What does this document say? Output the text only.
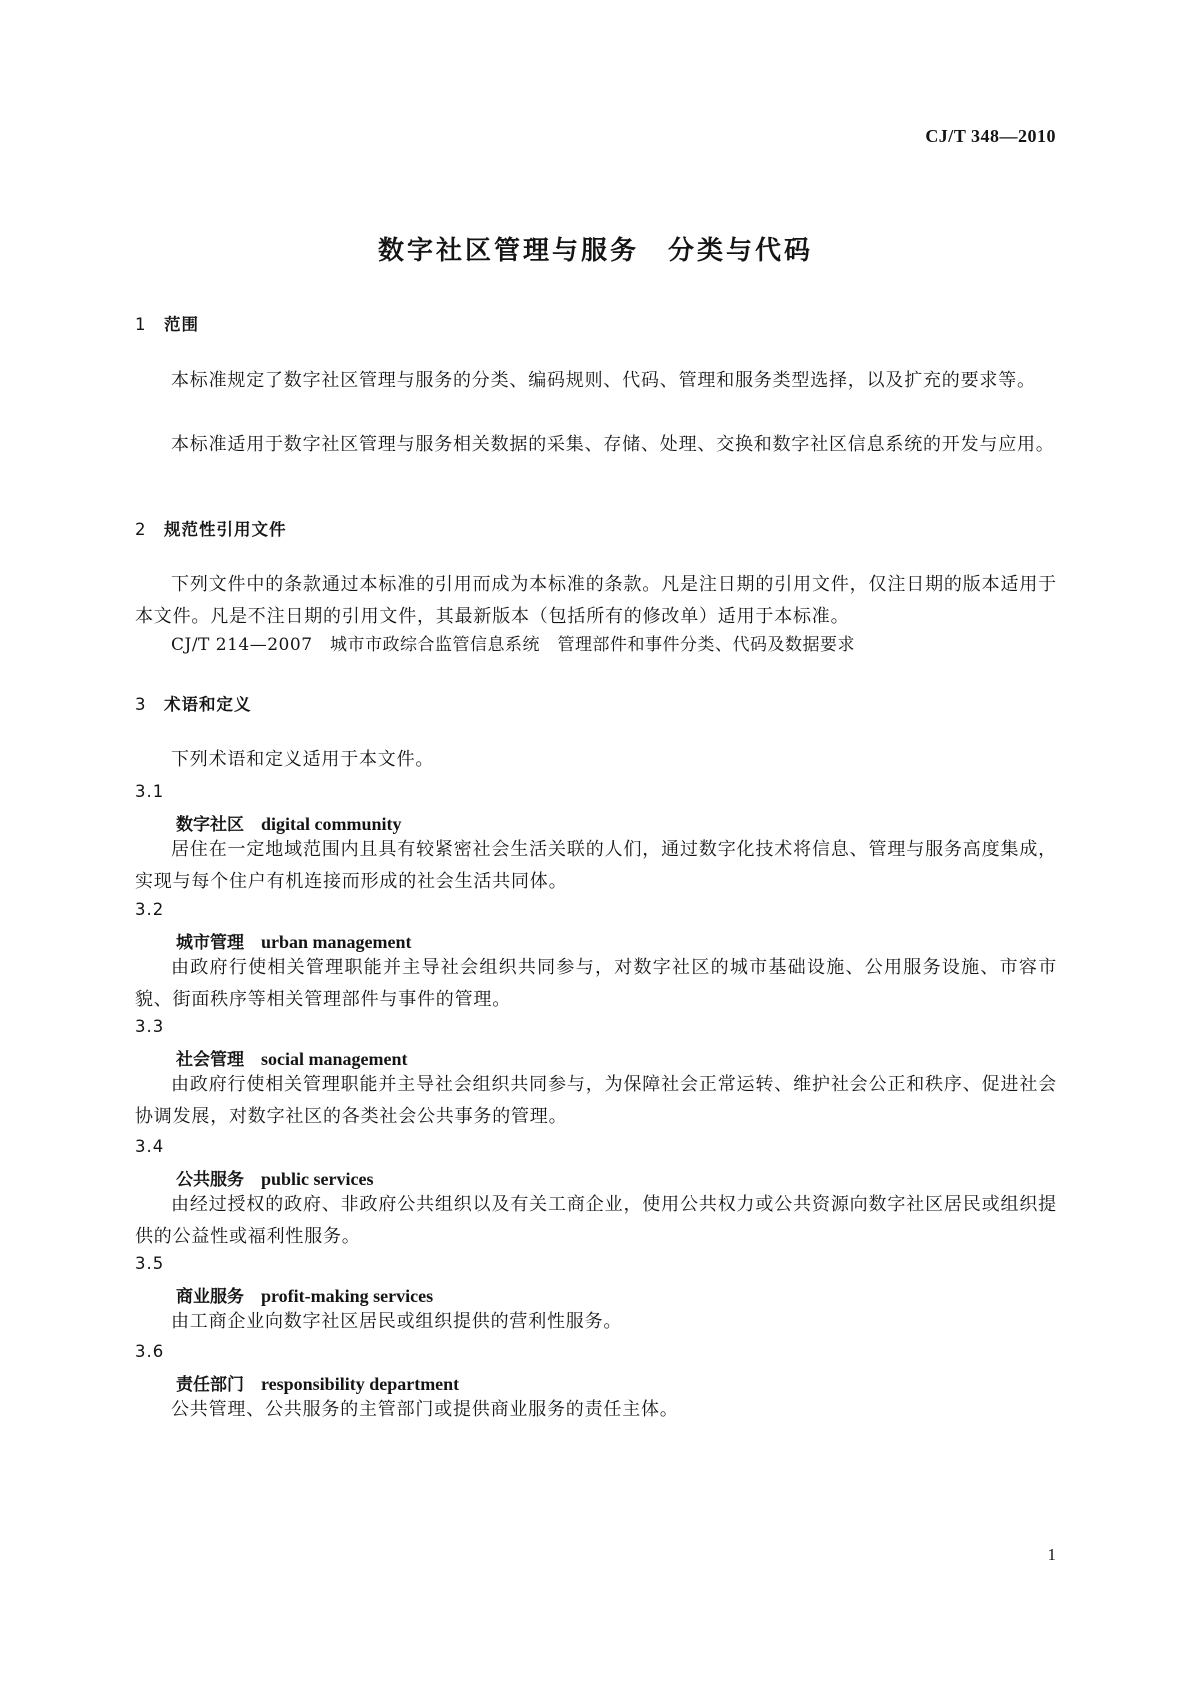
CJ/T 348—2010
数字社区管理与服务　分类与代码
1 范围
本标准规定了数字社区管理与服务的分类、编码规则、代码、管理和服务类型选择，以及扩充的要求等。
本标准适用于数字社区管理与服务相关数据的采集、存储、处理、交换和数字社区信息系统的开发与应用。
2 规范性引用文件
下列文件中的条款通过本标准的引用而成为本标准的条款。凡是注日期的引用文件，仅注日期的版本适用于本文件。凡是不注日期的引用文件，其最新版本（包括所有的修改单）适用于本标准。
CJ/T 214—2007　城市市政综合监管信息系统　管理部件和事件分类、代码及数据要求
3 术语和定义
下列术语和定义适用于本文件。
3.1
数字社区　 digital community
居住在一定地域范围内且具有较紧密社会生活关联的人们，通过数字化技术将信息、管理与服务高度集成，实现与每个住户有机连接而形成的社会生活共同体。
3.2
城市管理　 urban management
由政府行使相关管理职能并主导社会组织共同参与，对数字社区的城市基础设施、公用服务设施、市容市貌、街面秩序等相关管理部件与事件的管理。
3.3
社会管理　 social management
由政府行使相关管理职能并主导社会组织共同参与，为保障社会正常运转、维护社会公正和秩序、促进社会协调发展，对数字社区的各类社会公共事务的管理。
3.4
公共服务　 public services
由经过授权的政府、非政府公共组织以及有关工商企业，使用公共权力或公共资源向数字社区居民或组织提供的公益性或福利性服务。
3.5
商业服务　 profit-making services
由工商企业向数字社区居民或组织提供的营利性服务。
3.6
责任部门　 responsibility department
公共管理、公共服务的主管部门或提供商业服务的责任主体。
1
